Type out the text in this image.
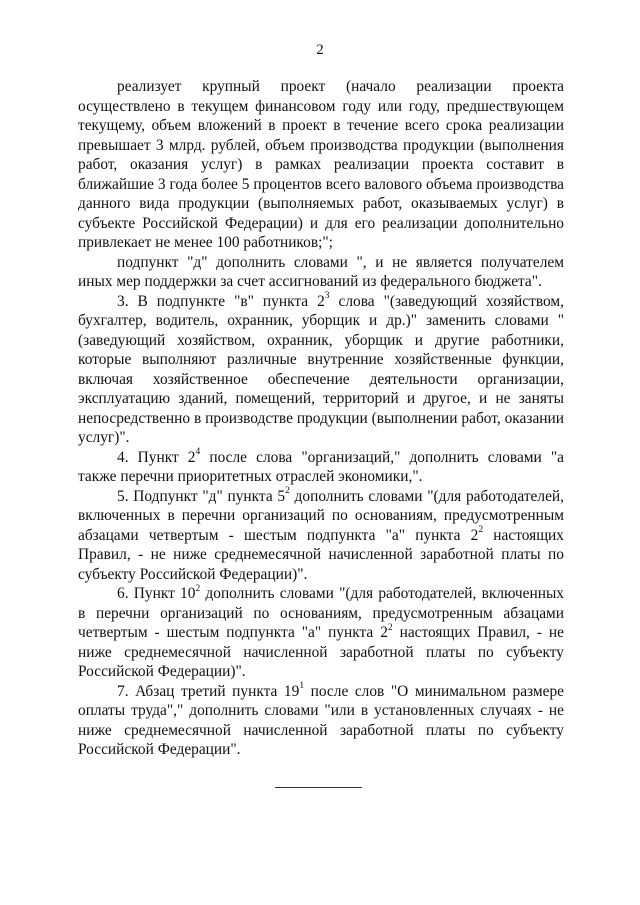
2

реализует крупный проект (начало реализации проекта осуществлено в текущем финансовом году или году, предшествующем текущему, объем вложений в проект в течение всего срока реализации превышает 3 млрд. рублей, объем производства продукции (выполнения работ, оказания услуг) в рамках реализации проекта составит в ближайшие 3 года более 5 процентов всего валового объема производства данного вида продукции (выполняемых работ, оказываемых услуг) в субъекте Российской Федерации) и для его реализации дополнительно привлекает не менее 100 работников;";

подпункт "д" дополнить словами ", и не является получателем иных мер поддержки за счет ассигнований из федерального бюджета".

3. В подпункте "в" пункта $2^3$ слова "(заведующий хозяйством, бухгалтер, водитель, охранник, уборщик и др.)" заменить словами "(заведующий хозяйством, охранник, уборщик и другие работники, которые выполняют различные внутренние хозяйственные функции, включая хозяйственное обеспечение деятельности организации, эксплуатацию зданий, помещений, территорий и другое, и не заняты непосредственно в производстве продукции (выполнении работ, оказании услуг)".

4. Пункт $2^4$ после слова "организаций," дополнить словами "а также перечни приоритетных отраслей экономики,".

5. Подпункт "д" пункта $5^2$ дополнить словами "(для работодателей, включенных в перечни организаций по основаниям, предусмотренным абзацами четвертым - шестым подпункта "а" пункта $2^2$ настоящих Правил, - не ниже среднемесячной начисленной заработной платы по субъекту Российской Федерации)".

6. Пункт $10^2$ дополнить словами "(для работодателей, включенных в перечни организаций по основаниям, предусмотренным абзацами четвертым - шестым подпункта "а" пункта $2^2$ настоящих Правил, - не ниже среднемесячной начисленной заработной платы по субъекту Российской Федерации)".

7. Абзац третий пункта $19^1$ после слов "О минимальном размере оплаты труда"," дополнить словами "или в установленных случаях - не ниже среднемесячной начисленной заработной платы по субъекту Российской Федерации".
